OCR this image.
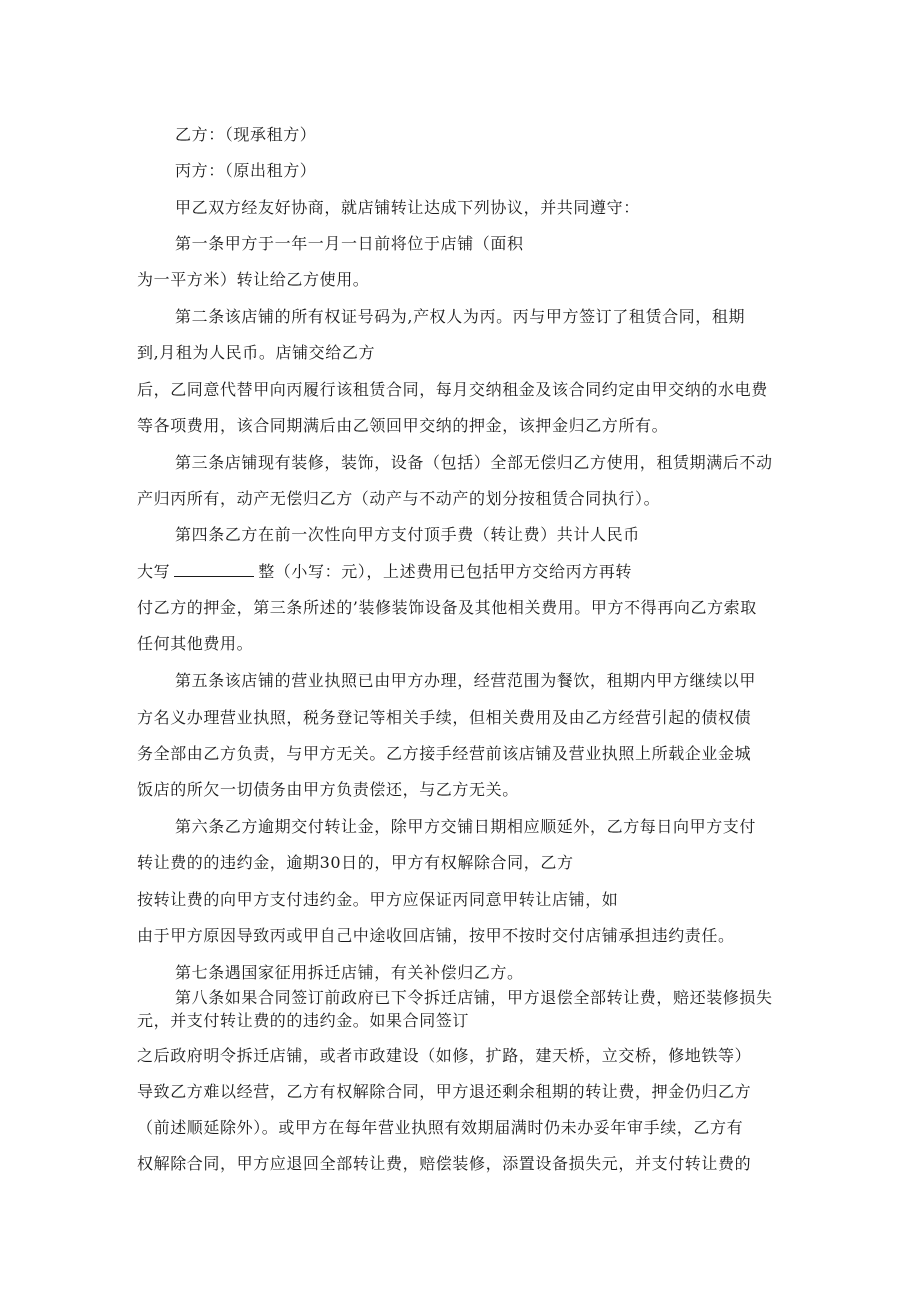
乙方：（现承租方）
丙方：（原出租方）
甲乙双方经友好协商，就店铺转让达成下列协议，并共同遵守：
第一条甲方于一年一月一日前将位于店铺（面积
为一平方米）转让给乙方使用。
第二条该店铺的所有权证号码为,产权人为丙。丙与甲方签订了租赁合同，租期
到,月租为人民币。店铺交给乙方
后，乙同意代替甲向丙履行该租赁合同，每月交纳租金及该合同约定由甲交纳的水电费
等各项费用，该合同期满后由乙领回甲交纳的押金，该押金归乙方所有。
第三条店铺现有装修，装饰，设备（包括）全部无偿归乙方使用，租赁期满后不动
产归丙所有，动产无偿归乙方（动产与不动产的划分按租赁合同执行）。
第四条乙方在前一次性向甲方支付顶手费（转让费）共计人民币
大写	整（小写：元），上述费用已包括甲方交给丙方再转
付乙方的押金，第三条所述的’装修装饰设备及其他相关费用。甲方不得再向乙方索取
任何其他费用。
第五条该店铺的营业执照已由甲方办理，经营范围为餐饮，租期内甲方继续以甲
方名义办理营业执照，税务登记等相关手续，但相关费用及由乙方经营引起的债权债
务全部由乙方负责，与甲方无关。乙方接手经营前该店铺及营业执照上所载企业金城
饭店的所欠一切债务由甲方负责偿还，与乙方无关。
第六条乙方逾期交付转让金，除甲方交铺日期相应顺延外，乙方每日向甲方支付
转让费的的违约金，逾期30日的，甲方有权解除合同，乙方
按转让费的向甲方支付违约金。甲方应保证丙同意甲转让店铺，如
由于甲方原因导致丙或甲自己中途收回店铺，按甲不按时交付店铺承担违约责任。
第七条遇国家征用拆迁店铺，有关补偿归乙方。
第八条如果合同签订前政府已下令拆迁店铺，甲方退偿全部转让费，赔还装修损失
元，并支付转让费的的违约金。如果合同签订
之后政府明令拆迁店铺，或者市政建设（如修，扩路，建天桥，立交桥，修地铁等）
导致乙方难以经营，乙方有权解除合同，甲方退还剩余租期的转让费，押金仍归乙方
（前述顺延除外）。或甲方在每年营业执照有效期届满时仍未办妥年审手续，乙方有
权解除合同，甲方应退回全部转让费，赔偿装修，添置设备损失元，并支付转让费的
